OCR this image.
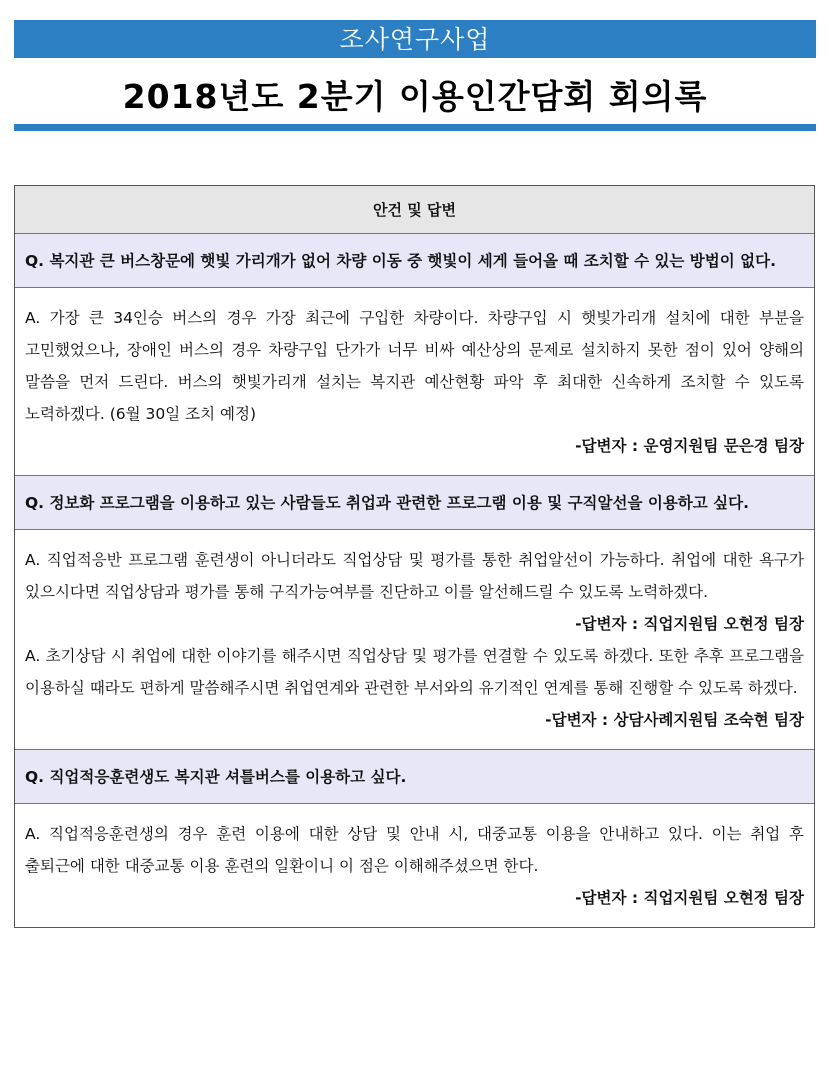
조사연구사업
2018년도 2분기 이용인간담회 회의록
안건 및 답변
Q. 복지관 큰 버스창문에 햇빛 가리개가 없어 차량 이동 중 햇빛이 세게 들어올 때 조치할 수 있는 방법이 없다.
A. 가장 큰 34인승 버스의 경우 가장 최근에 구입한 차량이다. 차량구입 시 햇빛가리개 설치에 대한 부분을 고민했었으나, 장애인 버스의 경우 차량구입 단가가 너무 비싸 예산상의 문제로 설치하지 못한 점이 있어 양해의 말씀을 먼저 드린다. 버스의 햇빛가리개 설치는 복지관 예산현황 파악 후 최대한 신속하게 조치할 수 있도록 노력하겠다. (6월 30일 조치 예정)
-답변자 : 운영지원팀 문은경 팀장
Q. 정보화 프로그램을 이용하고 있는 사람들도 취업과 관련한 프로그램 이용 및 구직알선을 이용하고 싶다.
A. 직업적응반 프로그램 훈련생이 아니더라도 직업상담 및 평가를 통한 취업알선이 가능하다. 취업에 대한 욕구가 있으시다면 직업상담과 평가를 통해 구직가능여부를 진단하고 이를 알선해드릴 수 있도록 노력하겠다.
-답변자 : 직업지원팀 오현정 팀장
A. 초기상담 시 취업에 대한 이야기를 해주시면 직업상담 및 평가를 연결할 수 있도록 하겠다. 또한 추후 프로그램을 이용하실 때라도 편하게 말씀해주시면 취업연계와 관련한 부서와의 유기적인 연계를 통해 진행할 수 있도록 하겠다.
-답변자 : 상담사례지원팀 조숙현 팀장
Q. 직업적응훈련생도 복지관 셔틀버스를 이용하고 싶다.
A. 직업적응훈련생의 경우 훈련 이용에 대한 상담 및 안내 시, 대중교통 이용을 안내하고 있다. 이는 취업 후 출퇴근에 대한 대중교통 이용 훈련의 일환이니 이 점은 이해해주셨으면 한다.
-답변자 : 직업지원팀 오현정 팀장
